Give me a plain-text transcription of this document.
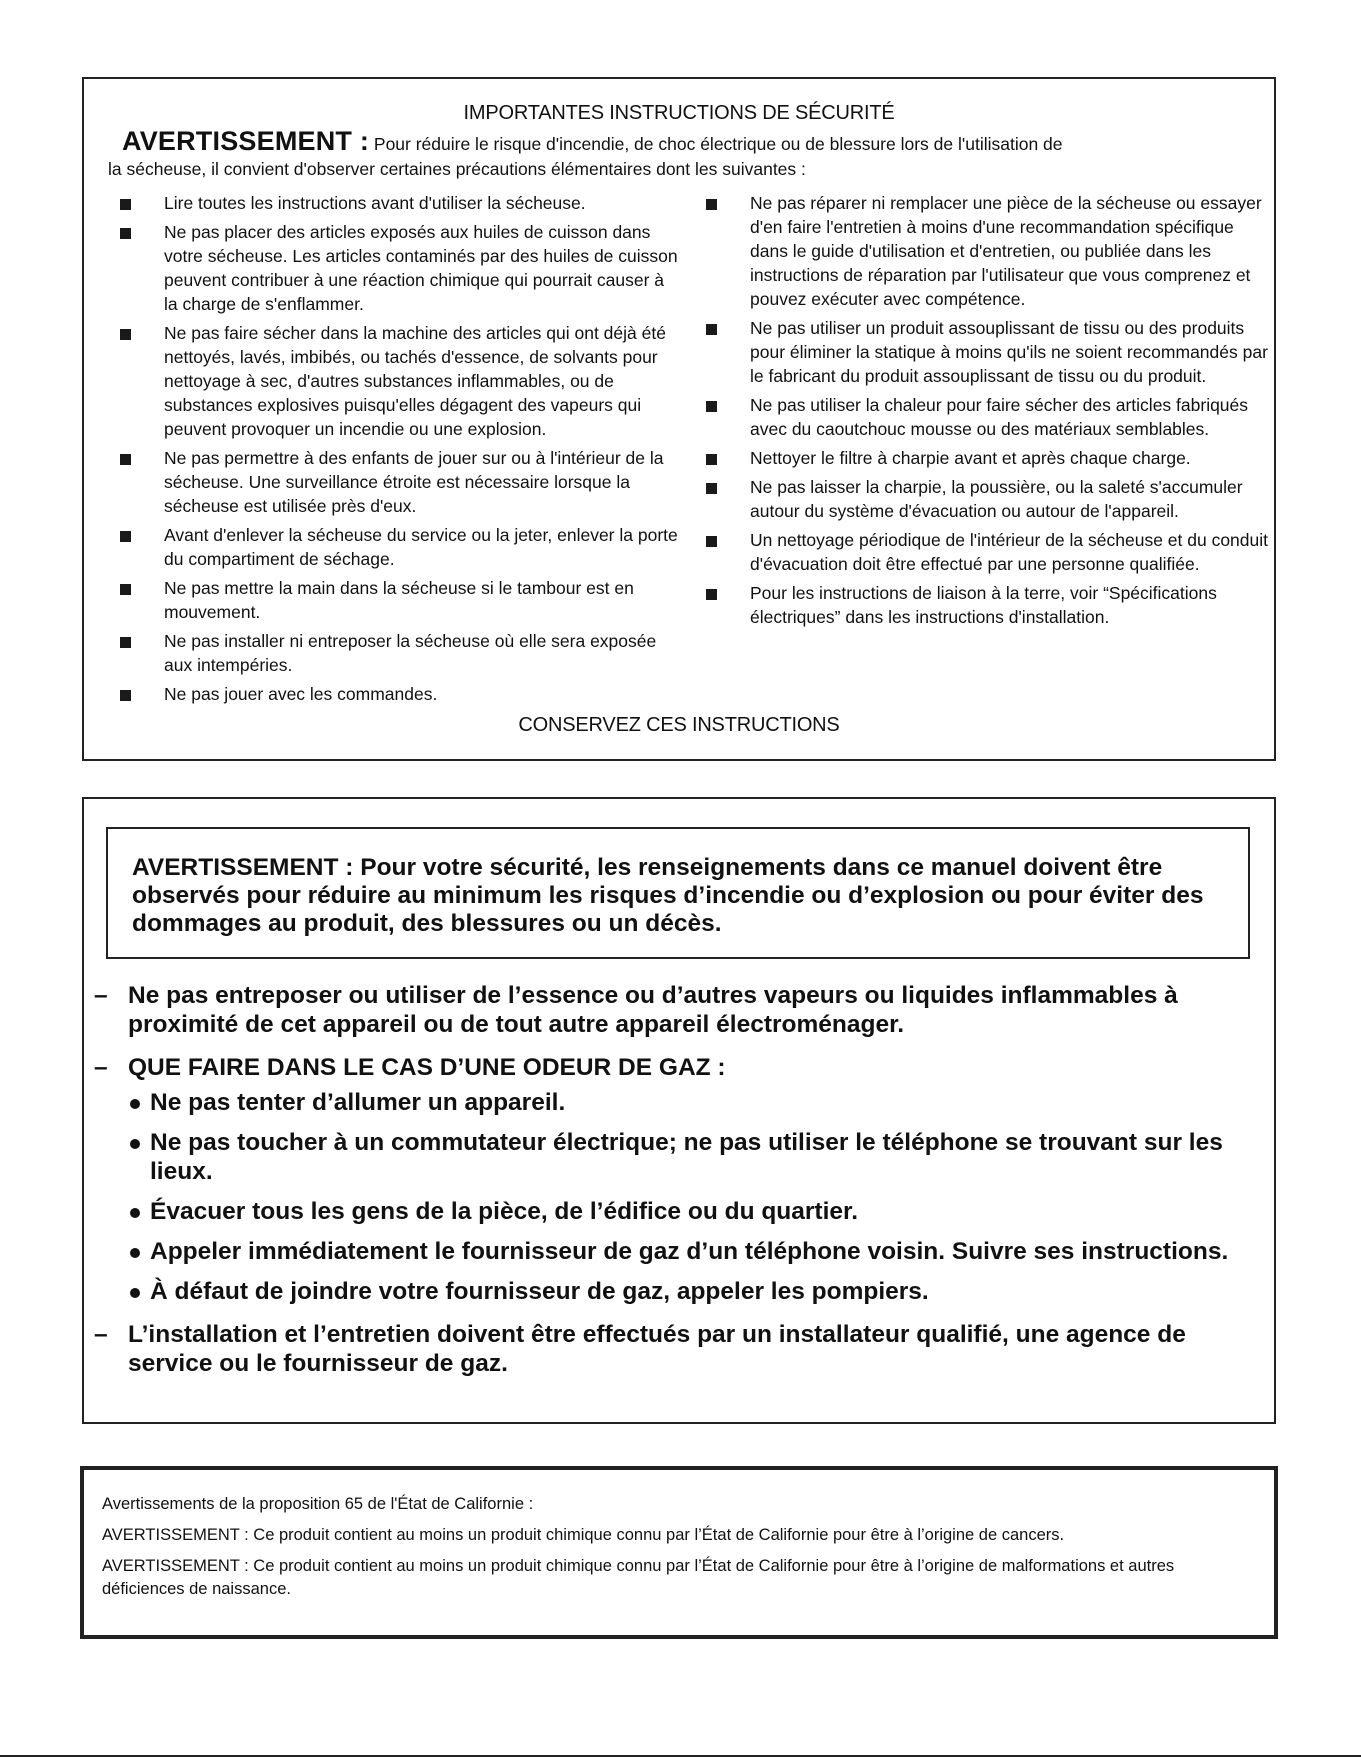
IMPORTANTES INSTRUCTIONS DE SÉCURITÉ
AVERTISSEMENT : Pour réduire le risque d'incendie, de choc électrique ou de blessure lors de l'utilisation de
la sécheuse, il convient d'observer certaines précautions élémentaires dont les suivantes :
Lire toutes les instructions avant d'utiliser la sécheuse.
Ne pas placer des articles exposés aux huiles de cuisson dans votre sécheuse. Les articles contaminés par des huiles de cuisson peuvent contribuer à une réaction chimique qui pourrait causer à la charge de s'enflammer.
Ne pas faire sécher dans la machine des articles qui ont déjà été nettoyés, lavés, imbibés, ou tachés d'essence, de solvants pour nettoyage à sec, d'autres substances inflammables, ou de substances explosives puisqu'elles dégagent des vapeurs qui peuvent provoquer un incendie ou une explosion.
Ne pas permettre à des enfants de jouer sur ou à l'intérieur de la sécheuse. Une surveillance étroite est nécessaire lorsque la sécheuse est utilisée près d'eux.
Avant d'enlever la sécheuse du service ou la jeter, enlever la porte du compartiment de séchage.
Ne pas mettre la main dans la sécheuse si le tambour est en mouvement.
Ne pas installer ni entreposer la sécheuse où elle sera exposée aux intempéries.
Ne pas jouer avec les commandes.
Ne pas réparer ni remplacer une pièce de la sécheuse ou essayer d'en faire l'entretien à moins d'une recommandation spécifique dans le guide d'utilisation et d'entretien, ou publiée dans les instructions de réparation par l'utilisateur que vous comprenez et pouvez exécuter avec compétence.
Ne pas utiliser un produit assouplissant de tissu ou des produits pour éliminer la statique à moins qu'ils ne soient recommandés par le fabricant du produit assouplissant de tissu ou du produit.
Ne pas utiliser la chaleur pour faire sécher des articles fabriqués avec du caoutchouc mousse ou des matériaux semblables.
Nettoyer le filtre à charpie avant et après chaque charge.
Ne pas laisser la charpie, la poussière, ou la saleté s'accumuler autour du système d'évacuation ou autour de l'appareil.
Un nettoyage périodique de l'intérieur de la sécheuse et du conduit d'évacuation doit être effectué par une personne qualifiée.
Pour les instructions de liaison à la terre, voir “Spécifications électriques” dans les instructions d'installation.
CONSERVEZ CES INSTRUCTIONS
AVERTISSEMENT : Pour votre sécurité, les renseignements dans ce manuel doivent être observés pour réduire au minimum les risques d’incendie ou d’explosion ou pour éviter des dommages au produit, des blessures ou un décès.
– Ne pas entreposer ou utiliser de l’essence ou d’autres vapeurs ou liquides inflammables à proximité de cet appareil ou de tout autre appareil électroménager.
– QUE FAIRE DANS LE CAS D’UNE ODEUR DE GAZ :
Ne pas tenter d’allumer un appareil.
Ne pas toucher à un commutateur électrique; ne pas utiliser le téléphone se trouvant sur les lieux.
Évacuer tous les gens de la pièce, de l’édifice ou du quartier.
Appeler immédiatement le fournisseur de gaz d’un téléphone voisin. Suivre ses instructions.
À défaut de joindre votre fournisseur de gaz, appeler les pompiers.
– L’installation et l’entretien doivent être effectués par un installateur qualifié, une agence de service ou le fournisseur de gaz.

Avertissements de la proposition 65 de l'État de Californie :

AVERTISSEMENT : Ce produit contient au moins un produit chimique connu par l’État de Californie pour être à l’origine de cancers.

AVERTISSEMENT : Ce produit contient au moins un produit chimique connu par l’État de Californie pour être à l’origine de malformations et autres déficiences de naissance.
